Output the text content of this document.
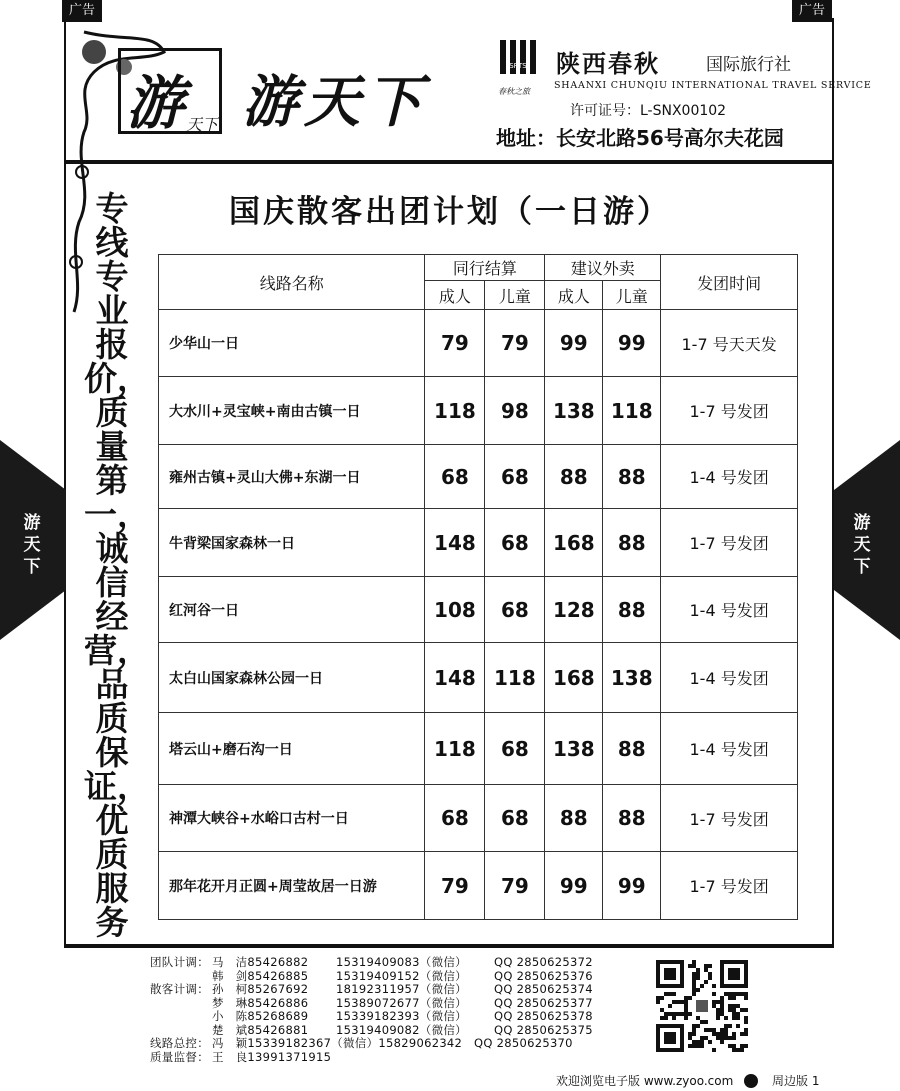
广告	广告
游 天下 游天下
SRTS
春秋之旅
陕西春秋	国际旅行社
SHAANXI CHUNQIU INTERNATIONAL TRAVEL SERVICE
许可证号：L-SNX00102
地址：长安北路56号高尔夫花园
国庆散客出团计划（一日游）
专
线
专
业
报
价，
质
量
第
一，
诚
信
经
营，
品
质
保
证，
优
质
服
务
游天下
游天下
线路名称	同行结算		建议外卖		发团时间
	成人	儿童	成人	儿童	
少华山一日	79	79	99	99	1-7 号天天发
大水川+灵宝峡+南由古镇一日	118	98	138	118	1-7 号发团
雍州古镇+灵山大佛+东湖一日	68	68	88	88	1-4 号发团
牛背梁国家森林一日	148	68	168	88	1-7 号发团
红河谷一日	108	68	128	88	1-4 号发团
太白山国家森林公园一日	148	118	168	138	1-4 号发团
塔云山+磨石沟一日	118	68	138	88	1-4 号发团
神潭大峡谷+水峪口古村一日	68	68	88	88	1-7 号发团
那年花开月正圆+周莹故居一日游	79	79	99	99	1-7 号发团
团队计调： 马　洁85426882	15319409083（微信）	QQ 2850625372
韩　剑85426885	15319409152（微信）	QQ 2850625376
散客计调： 孙　柯85267692	18192311957（微信）	QQ 2850625374
梦　琳85426886	15389072677（微信）	QQ 2850625377
小　陈85268689	15339182393（微信）	QQ 2850625378
楚　斌85426881	15319409082（微信）	QQ 2850625375
线路总控： 冯　颖15339182367（微信）15829062342　QQ 2850625370
质量监督： 王　良13991371915
欢迎浏览电子版 www.zyoo.com	周边版 1
